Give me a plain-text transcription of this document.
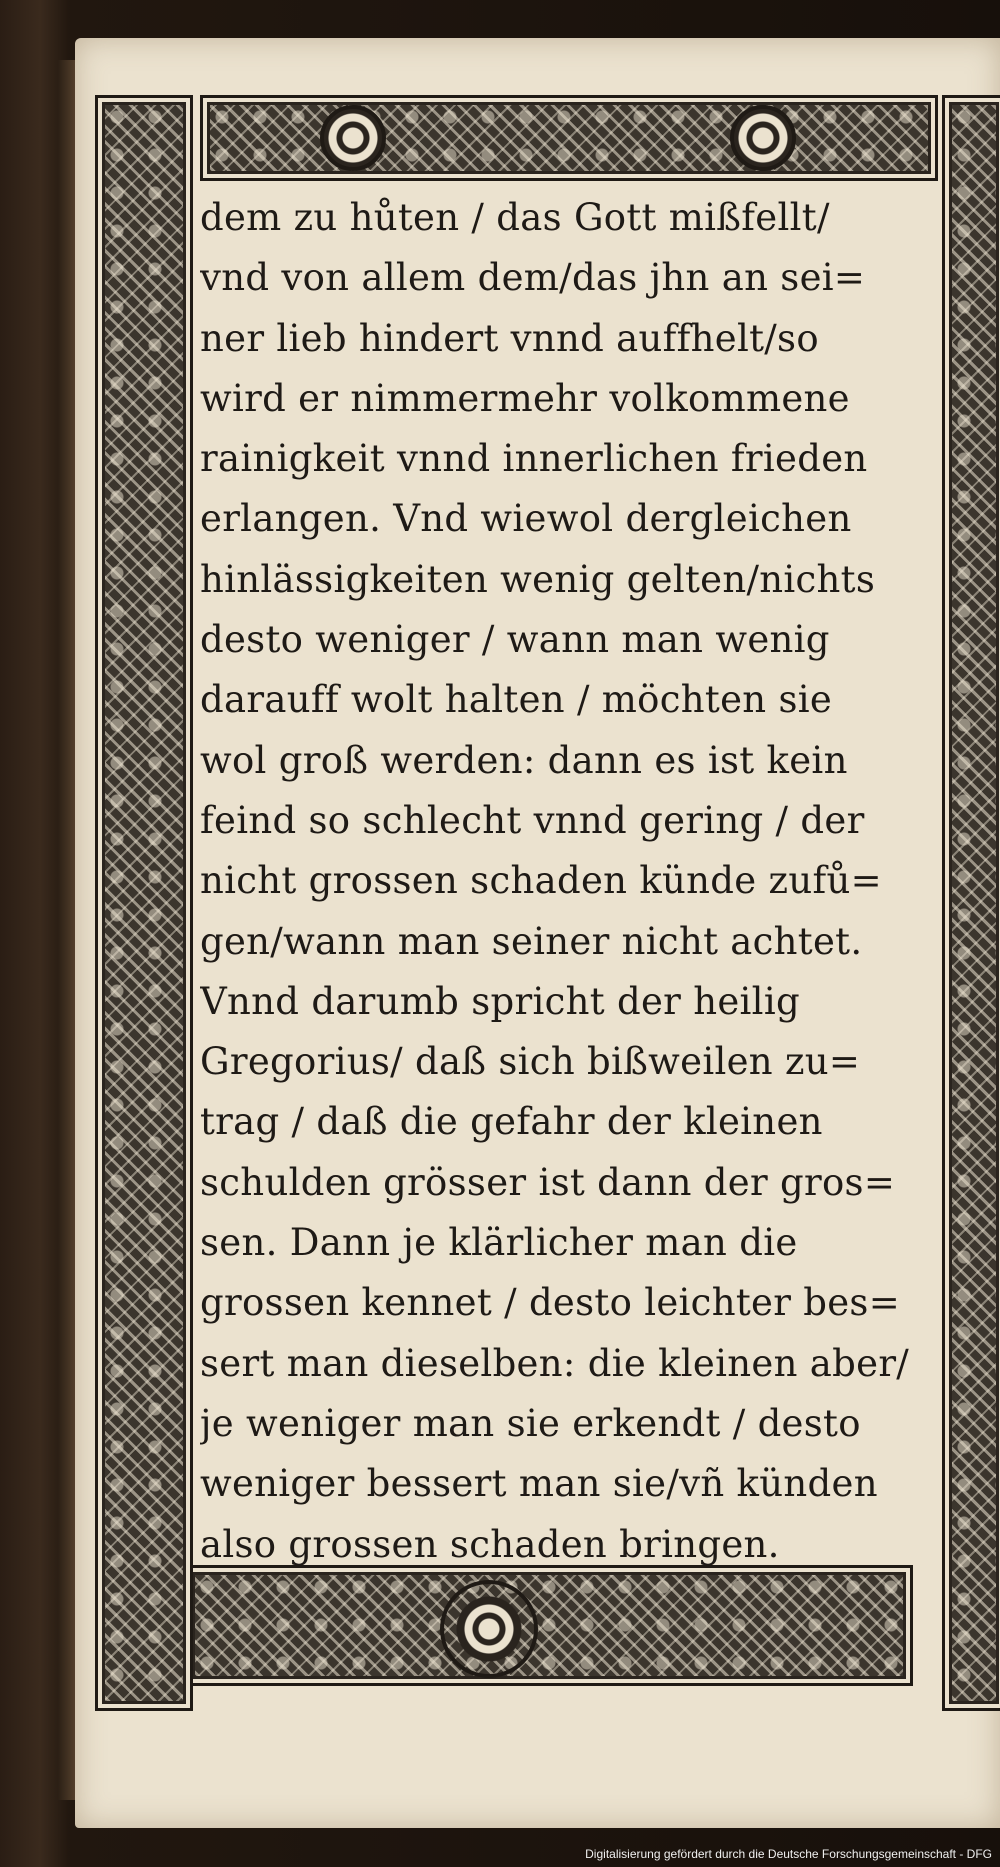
dem zu hůten / das Gott mißfellt/
vnd von allem dem/das jhn an sei=
ner lieb hindert vnnd auffhelt/so
wird er nimmermehr volkommene
rainigkeit vnnd innerlichen frieden
erlangen. Vnd wiewol dergleichen
hinlässigkeiten wenig gelten/nichts
desto weniger / wann man wenig
darauff wolt halten / möchten sie
wol groß werden: dann es ist kein
feind so schlecht vnnd gering / der
nicht grossen schaden künde zufů=
gen/wann man seiner nicht achtet.
Vnnd darumb spricht der heilig
Gregorius/ daß sich bißweilen zu=
trag / daß die gefahr der kleinen
schulden grösser ist dann der gros=
sen. Dann je klärlicher man die
grossen kennet / desto leichter bes=
sert man dieselben: die kleinen aber/
je weniger man sie erkendt / desto
weniger bessert man sie/vñ künden
also grossen schaden bringen.
Digitalisierung gefördert durch die Deutsche Forschungsgemeinschaft - DFG
